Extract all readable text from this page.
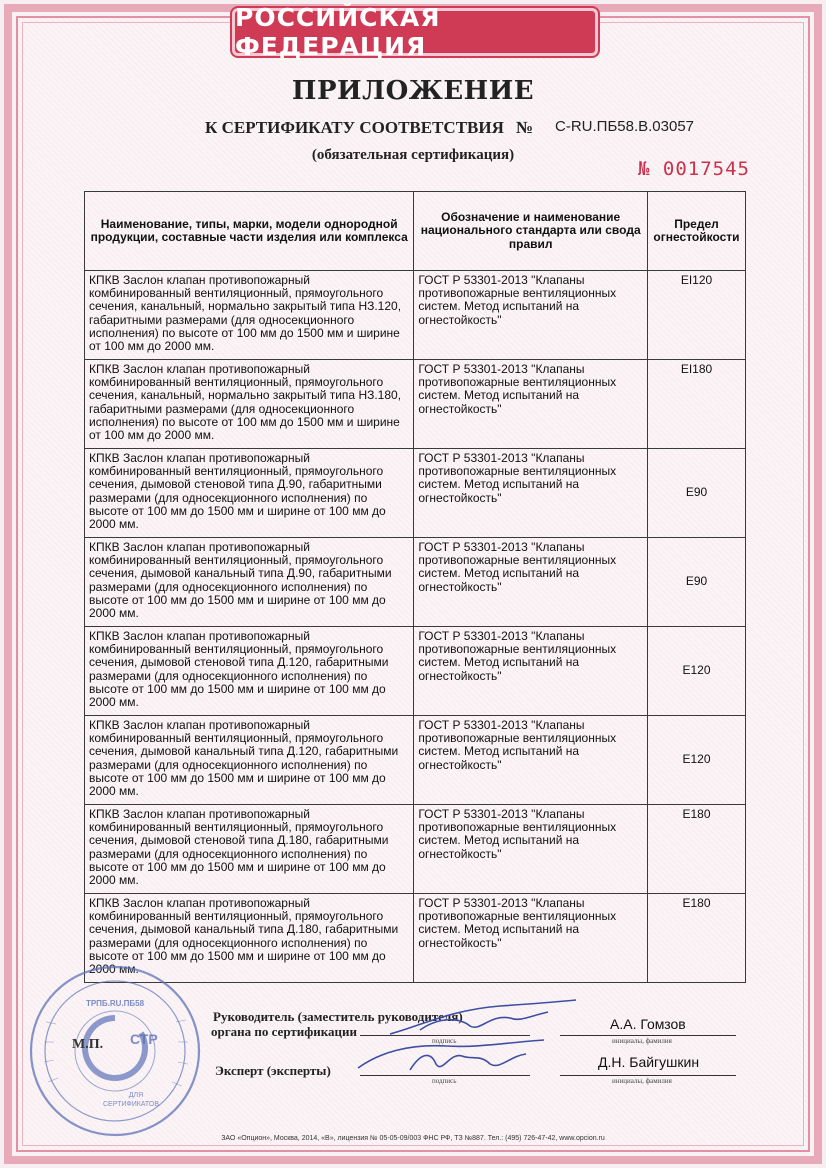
РОССИЙСКАЯ ФЕДЕРАЦИЯ
ПРИЛОЖЕНИЕ
К СЕРТИФИКАТУ СООТВЕТСТВИЯ № C-RU.ПБ58.В.03057
(обязательная сертификация)
№ 0017545
Наименование, типы, марки, модели однородной продукции, составные части изделия или комплекса	Обозначение и наименование национального стандарта или свода правил	Предел огнестойкости
КПКВ Заслон клапан противопожарный комбинированный вентиляционный, прямоугольного сечения, канальный, нормально закрытый типа НЗ.120, габаритными размерами (для односекционного исполнения) по высоте от 100 мм до 1500 мм и ширине от 100 мм до 2000 мм.	ГОСТ Р 53301-2013 "Клапаны противопожарные вентиляционных систем. Метод испытаний на огнестойкость"	EI120
КПКВ Заслон клапан противопожарный комбинированный вентиляционный, прямоугольного сечения, канальный, нормально закрытый типа НЗ.180, габаритными размерами (для односекционного исполнения) по высоте от 100 мм до 1500 мм и ширине от 100 мм до 2000 мм.	ГОСТ Р 53301-2013 "Клапаны противопожарные вентиляционных систем. Метод испытаний на огнестойкость"	EI180
КПКВ Заслон клапан противопожарный комбинированный вентиляционный, прямоугольного сечения, дымовой стеновой типа Д.90, габаритными размерами (для односекционного исполнения) по высоте от 100 мм до 1500 мм и ширине от 100 мм до 2000 мм.	ГОСТ Р 53301-2013 "Клапаны противопожарные вентиляционных систем. Метод испытаний на огнестойкость"	E90
КПКВ Заслон клапан противопожарный комбинированный вентиляционный, прямоугольного сечения, дымовой канальный типа Д.90, габаритными размерами (для односекционного исполнения) по высоте от 100 мм до 1500 мм и ширине от 100 мм до 2000 мм.	ГОСТ Р 53301-2013 "Клапаны противопожарные вентиляционных систем. Метод испытаний на огнестойкость"	E90
КПКВ Заслон клапан противопожарный комбинированный вентиляционный, прямоугольного сечения, дымовой стеновой типа Д.120, габаритными размерами (для односекционного исполнения) по высоте от 100 мм до 1500 мм и ширине от 100 мм до 2000 мм.	ГОСТ Р 53301-2013 "Клапаны противопожарные вентиляционных систем. Метод испытаний на огнестойкость"	E120
КПКВ Заслон клапан противопожарный комбинированный вентиляционный, прямоугольного сечения, дымовой канальный типа Д.120, габаритными размерами (для односекционного исполнения) по высоте от 100 мм до 1500 мм и ширине от 100 мм до 2000 мм.	ГОСТ Р 53301-2013 "Клапаны противопожарные вентиляционных систем. Метод испытаний на огнестойкость"	E120
КПКВ Заслон клапан противопожарный комбинированный вентиляционный, прямоугольного сечения, дымовой стеновой типа Д.180, габаритными размерами (для односекционного исполнения) по высоте от 100 мм до 1500 мм и ширине от 100 мм до 2000 мм.	ГОСТ Р 53301-2013 "Клапаны противопожарные вентиляционных систем. Метод испытаний на огнестойкость"	E180
КПКВ Заслон клапан противопожарный комбинированный вентиляционный, прямоугольного сечения, дымовой канальный типа Д.180, габаритными размерами (для односекционного исполнения) по высоте от 100 мм до 1500 мм и ширине от 100 мм до 2000 мм.	ГОСТ Р 53301-2013 "Клапаны противопожарные вентиляционных систем. Метод испытаний на огнестойкость"	E180
СТР
ТРПБ.RU.ПБ58
ДЛЯ
СЕРТИФИКАТОВ
М.П.
Руководитель (заместитель руководителя)
органа по сертификации
Эксперт (эксперты)
подпись	инициалы, фамилия
А.А. Гомзов
подпись	инициалы, фамилия
Д.Н. Байгушкин
ЗАО «Опцион», Москва, 2014, «В», лицензия № 05-05-09/003 ФНС РФ, ТЗ №887. Тел.: (495) 726-47-42, www.opcion.ru
